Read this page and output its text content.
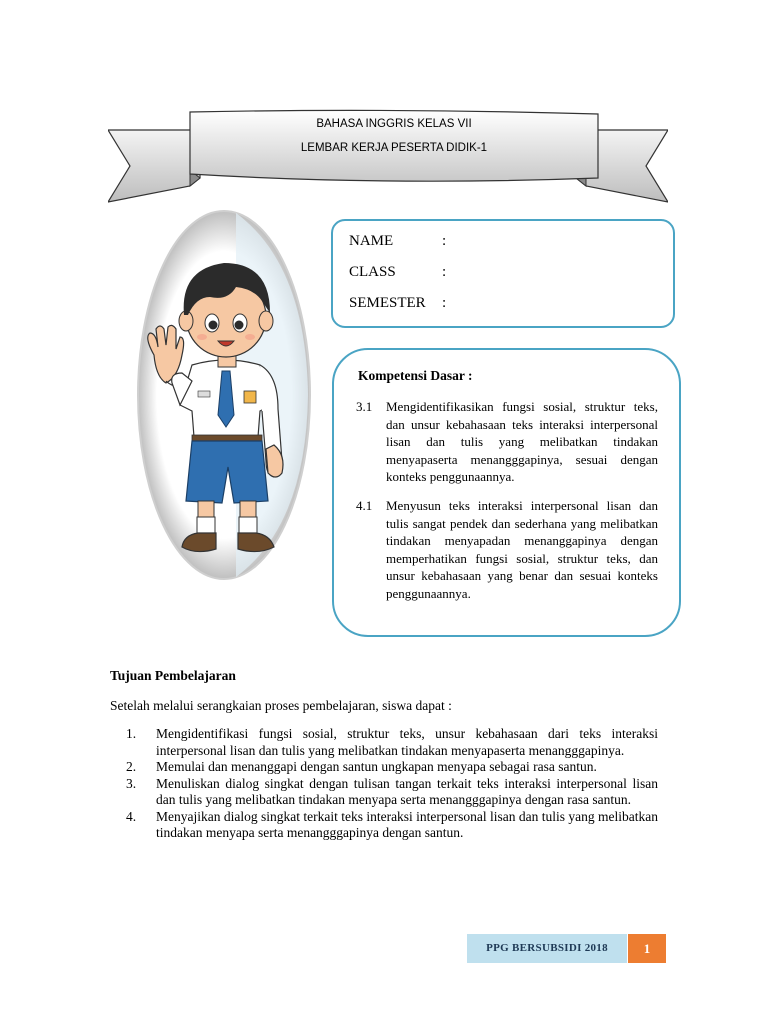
BAHASA INGGRIS KELAS VII
LEMBAR KERJA PESERTA DIDIK-1
NAME	:
CLASS	:
SEMESTER :
Kompetensi Dasar :
3.1 Mengidentifikasikan fungsi sosial, struktur teks, dan unsur kebahasaan teks interaksi interpersonal lisan dan tulis yang melibatkan tindakan menyapaserta menangggapinya, sesuai dengan konteks penggunaannya.
4.1 Menyusun teks interaksi interpersonal lisan dan tulis sangat pendek dan sederhana yang melibatkan tindakan menyapadan menanggapinya dengan memperhatikan fungsi sosial, struktur teks, dan unsur kebahasaan yang benar dan sesuai konteks penggunaannya.
Tujuan Pembelajaran
Setelah melalui serangkaian proses pembelajaran, siswa dapat :
1. Mengidentifikasi fungsi sosial, struktur teks, unsur kebahasaan dari teks interaksi interpersonal lisan dan tulis yang melibatkan tindakan menyapaserta menangggapinya.
2. Memulai dan menanggapi dengan santun ungkapan menyapa sebagai rasa santun.
3. Menuliskan dialog singkat dengan tulisan tangan terkait teks interaksi interpersonal lisan dan tulis yang melibatkan tindakan menyapa serta menangggapinya dengan rasa santun.
4. Menyajikan dialog singkat terkait teks interaksi interpersonal lisan dan tulis yang melibatkan tindakan menyapa serta menangggapinya dengan santun.
PPG BERSUBSIDI 2018	1
